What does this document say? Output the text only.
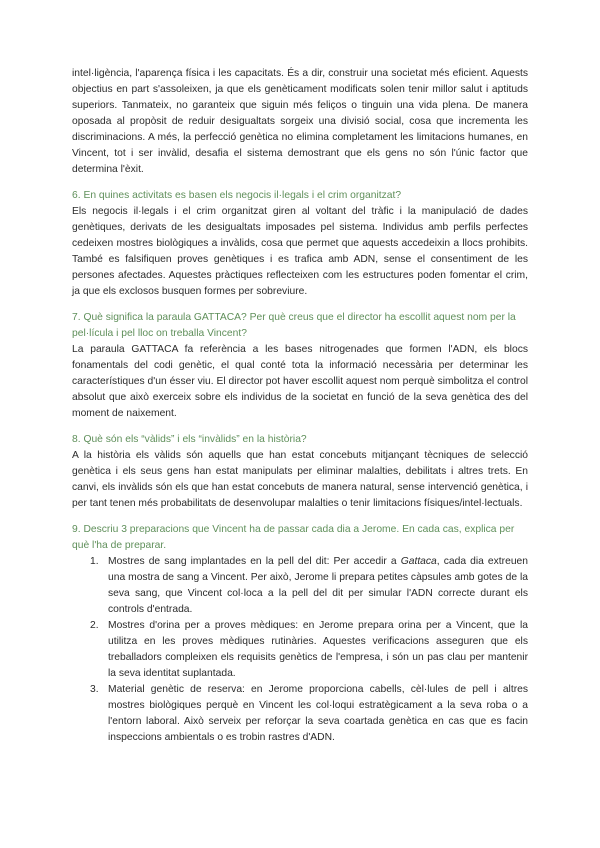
intel·ligència, l'aparença física i les capacitats. És a dir, construir una societat més eficient. Aquests objectius en part s'assoleixen, ja que els genèticament modificats solen tenir millor salut i aptituds superiors. Tanmateix, no garanteix que siguin més feliços o tinguin una vida plena. De manera oposada al propòsit de reduir desigualtats sorgeix una divisió social, cosa que incrementa les discriminacions. A més, la perfecció genètica no elimina completament les limitacions humanes, en Vincent, tot i ser invàlid, desafia el sistema demostrant que els gens no són l'únic factor que determina l'èxit.

6. En quines activitats es basen els negocis il·legals i el crim organitzat?

Els negocis il·legals i el crim organitzat giren al voltant del tràfic i la manipulació de dades genètiques, derivats de les desigualtats imposades pel sistema. Individus amb perfils perfectes cedeixen mostres biològiques a invàlids, cosa que permet que aquests accedeixin a llocs prohibits. També es falsifiquen proves genètiques i es trafica amb ADN, sense el consentiment de les persones afectades. Aquestes pràctiques reflecteixen com les estructures poden fomentar el crim, ja que els exclosos busquen formes per sobreviure.

7. Què significa la paraula GATTACA? Per què creus que el director ha escollit aquest nom per la pel·lícula i pel lloc on treballa Vincent?

La paraula GATTACA fa referència a les bases nitrogenades que formen l'ADN, els blocs fonamentals del codi genètic, el qual conté tota la informació necessària per determinar les característiques d'un ésser viu. El director pot haver escollit aquest nom perquè simbolitza el control absolut que això exerceix sobre els individus de la societat en funció de la seva genètica des del moment de naixement.

8. Què són els “vàlids” i els “invàlids” en la història?

A la història els vàlids són aquells que han estat concebuts mitjançant tècniques de selecció genètica i els seus gens han estat manipulats per eliminar malalties, debilitats i altres trets. En canvi, els invàlids són els que han estat concebuts de manera natural, sense intervenció genètica, i per tant tenen més probabilitats de desenvolupar malalties o tenir limitacions físiques/intel·lectuals.

9. Descriu 3 preparacions que Vincent ha de passar cada dia a Jerome. En cada cas, explica per què l'ha de preparar.
1. Mostres de sang implantades en la pell del dit: Per accedir a Gattaca, cada dia extreuen una mostra de sang a Vincent. Per això, Jerome li prepara petites càpsules amb gotes de la seva sang, que Vincent col·loca a la pell del dit per simular l'ADN correcte durant els controls d'entrada.
2. Mostres d'orina per a proves mèdiques: en Jerome prepara orina per a Vincent, que la utilitza en les proves mèdiques rutinàries. Aquestes verificacions asseguren que els treballadors compleixen els requisits genètics de l'empresa, i són un pas clau per mantenir la seva identitat suplantada.
3. Material genètic de reserva: en Jerome proporciona cabells, cèl·lules de pell i altres mostres biològiques perquè en Vincent les col·loqui estratègicament a la seva roba o a l'entorn laboral. Això serveix per reforçar la seva coartada genètica en cas que es facin inspeccions ambientals o es trobin rastres d'ADN.
